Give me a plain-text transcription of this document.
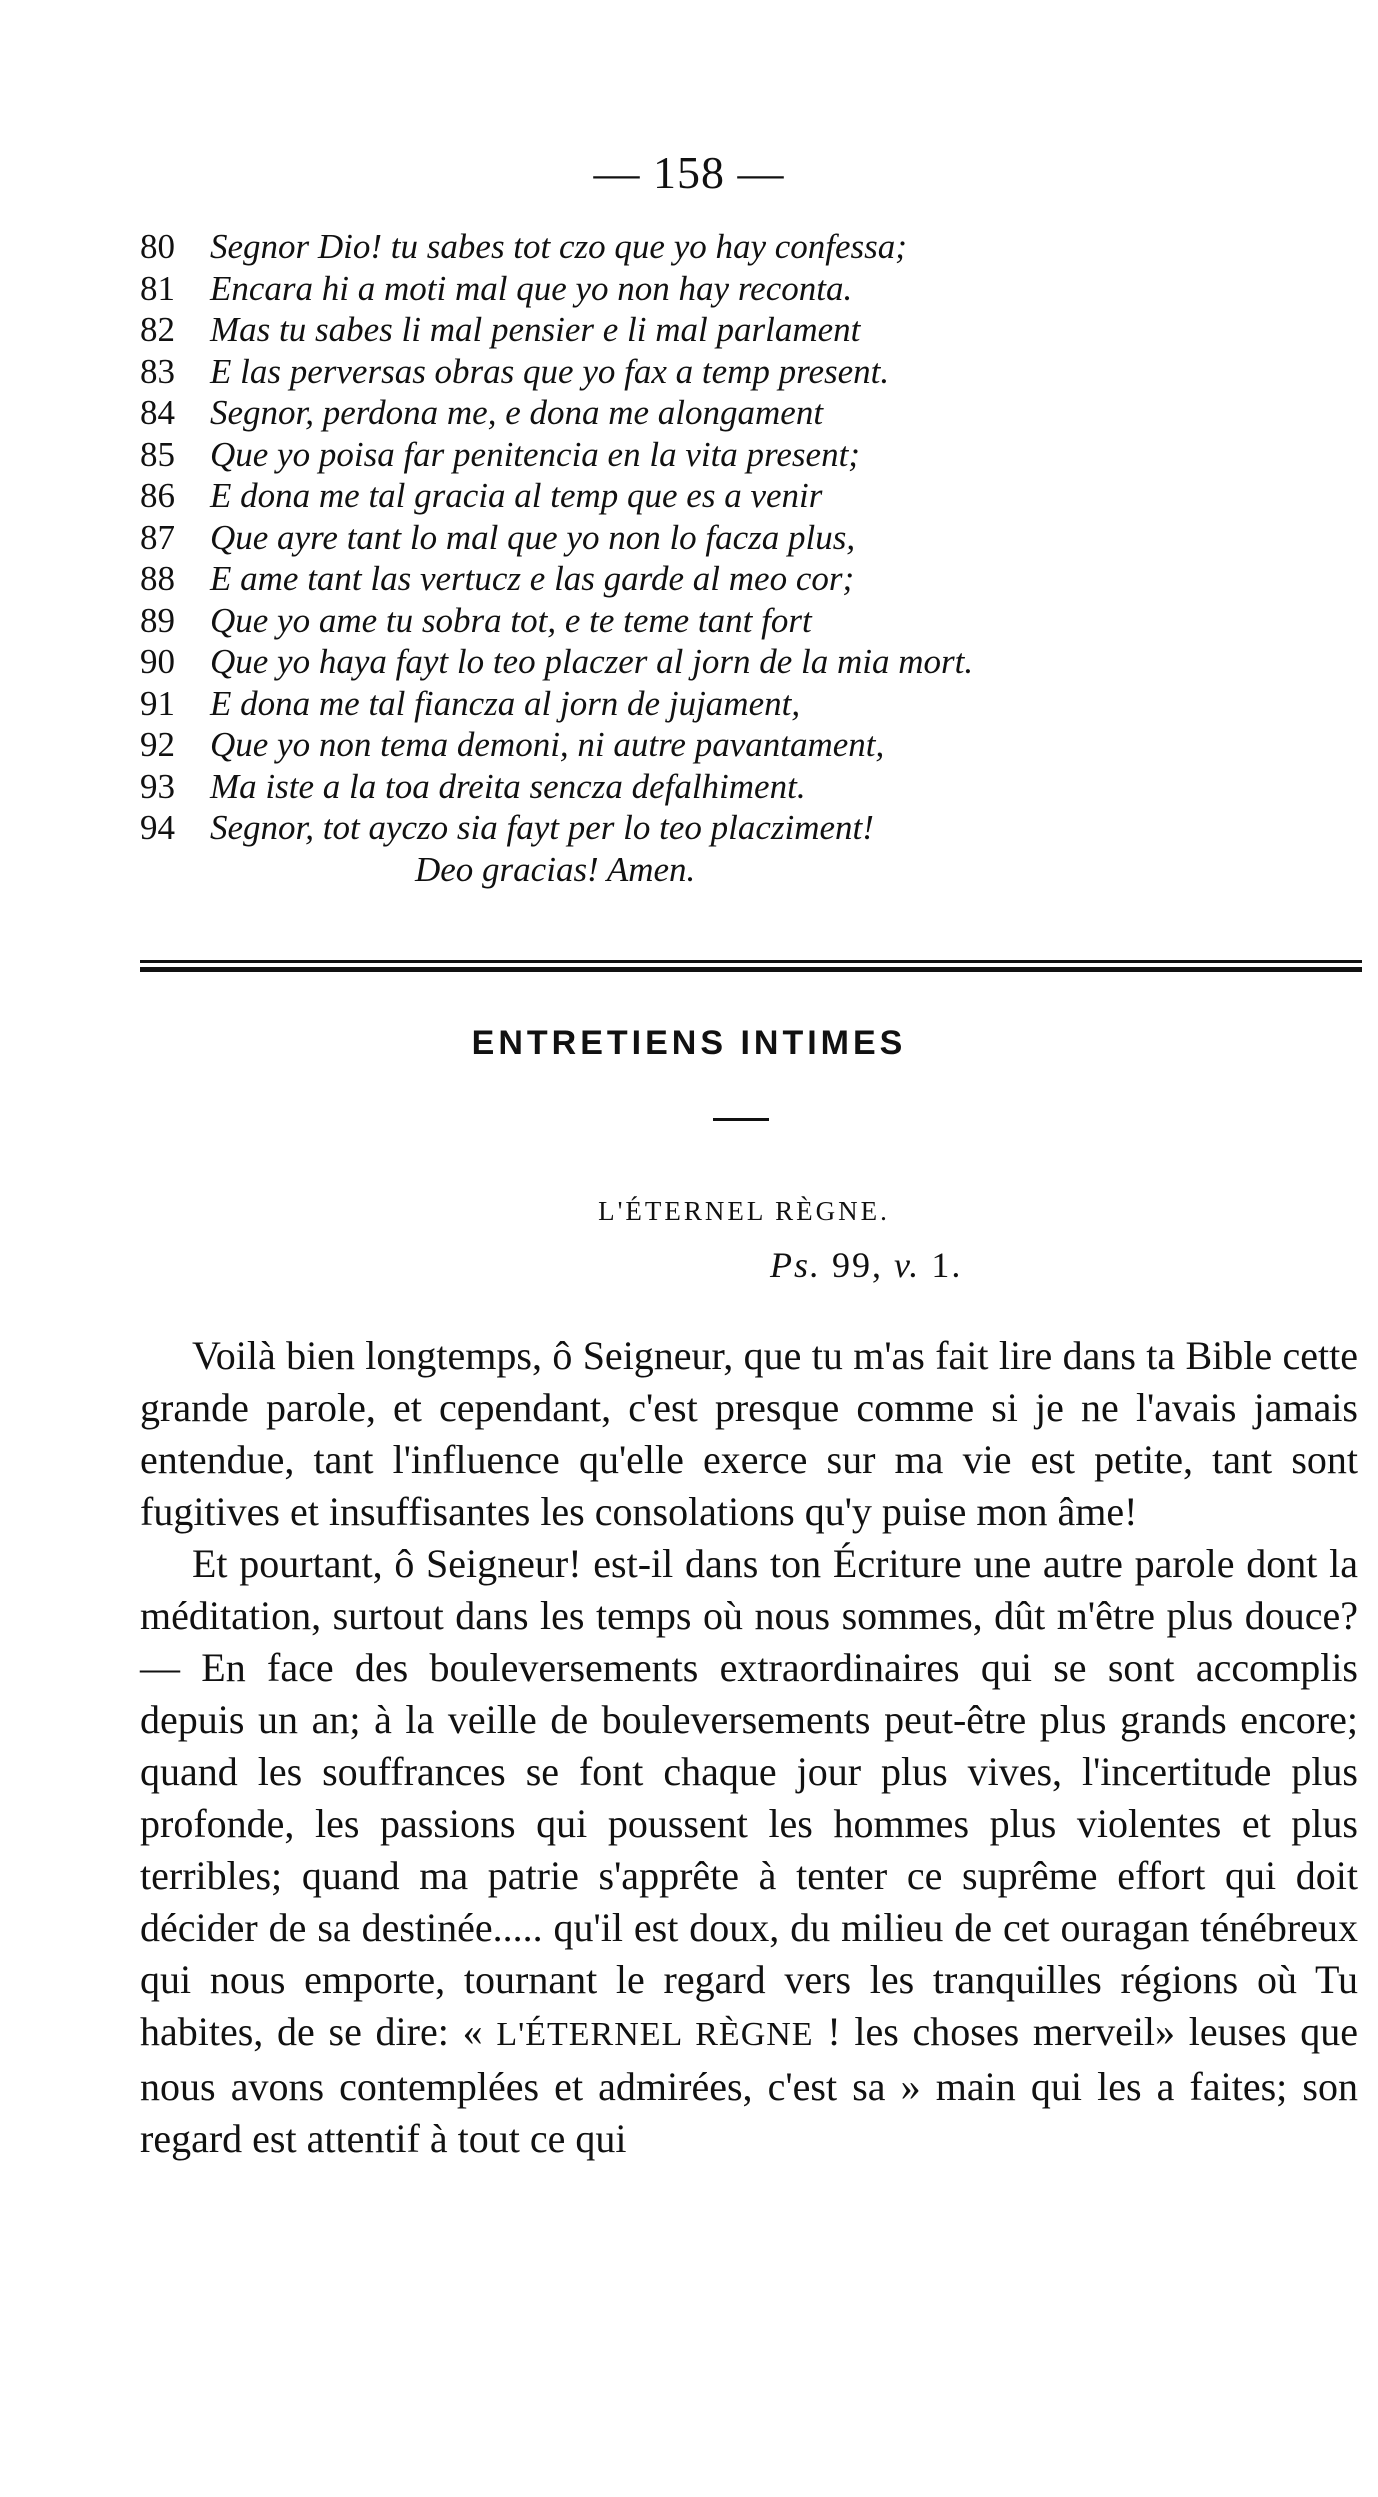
— 158 —
80	Segnor Dio! tu sabes tot czo que yo hay confessa;
81	Encara hi a moti mal que yo non hay reconta.
82	Mas tu sabes li mal pensier e li mal parlament
83	E las perversas obras que yo fax a temp present.
84	Segnor, perdona me, e dona me alongament
85	Que yo poisa far penitencia en la vita present;
86	E dona me tal gracia al temp que es a venir
87	Que ayre tant lo mal que yo non lo facza plus,
88	E ame tant las vertucz e las garde al meo cor;
89	Que yo ame tu sobra tot, e te teme tant fort
90	Que yo haya fayt lo teo placzer al jorn de la mia mort.
91	E dona me tal fiancza al jorn de jujament,
92	Que yo non tema demoni, ni autre pavantament,
93	Ma iste a la toa dreita sencza defalhiment.
94	Segnor, tot ayczo sia fayt per lo teo placziment!
Deo gracias! Amen.
ENTRETIENS INTIMES
L'ÉTERNEL RÈGNE.
Ps. 99, v. 1.

Voilà bien longtemps, ô Seigneur, que tu m'as fait lire dans ta Bible cette grande parole, et cependant, c'est presque comme si je ne l'avais jamais entendue, tant l'influence qu'elle exerce sur ma vie est petite, tant sont fugitives et insuffisantes les consolations qu'y puise mon âme!

Et pourtant, ô Seigneur! est-il dans ton Écriture une autre parole dont la méditation, surtout dans les temps où nous sommes, dût m'être plus douce?— En face des bouleversements extraordinaires qui se sont accomplis depuis un an; à la veille de bouleversements peut-être plus grands encore; quand les souffrances se font chaque jour plus vives, l'incertitude plus profonde, les passions qui poussent les hommes plus violentes et plus terribles; quand ma patrie s'apprête à tenter ce suprême effort qui doit décider de sa destinée..... qu'il est doux, du milieu de cet ouragan ténébreux qui nous emporte, tournant le regard vers les tranquilles régions où Tu habites, de se dire: « L'ÉTERNEL RÈGNE ! les choses merveil» leuses que nous avons contemplées et admirées, c'est sa » main qui les a faites; son regard est attentif à tout ce qui
